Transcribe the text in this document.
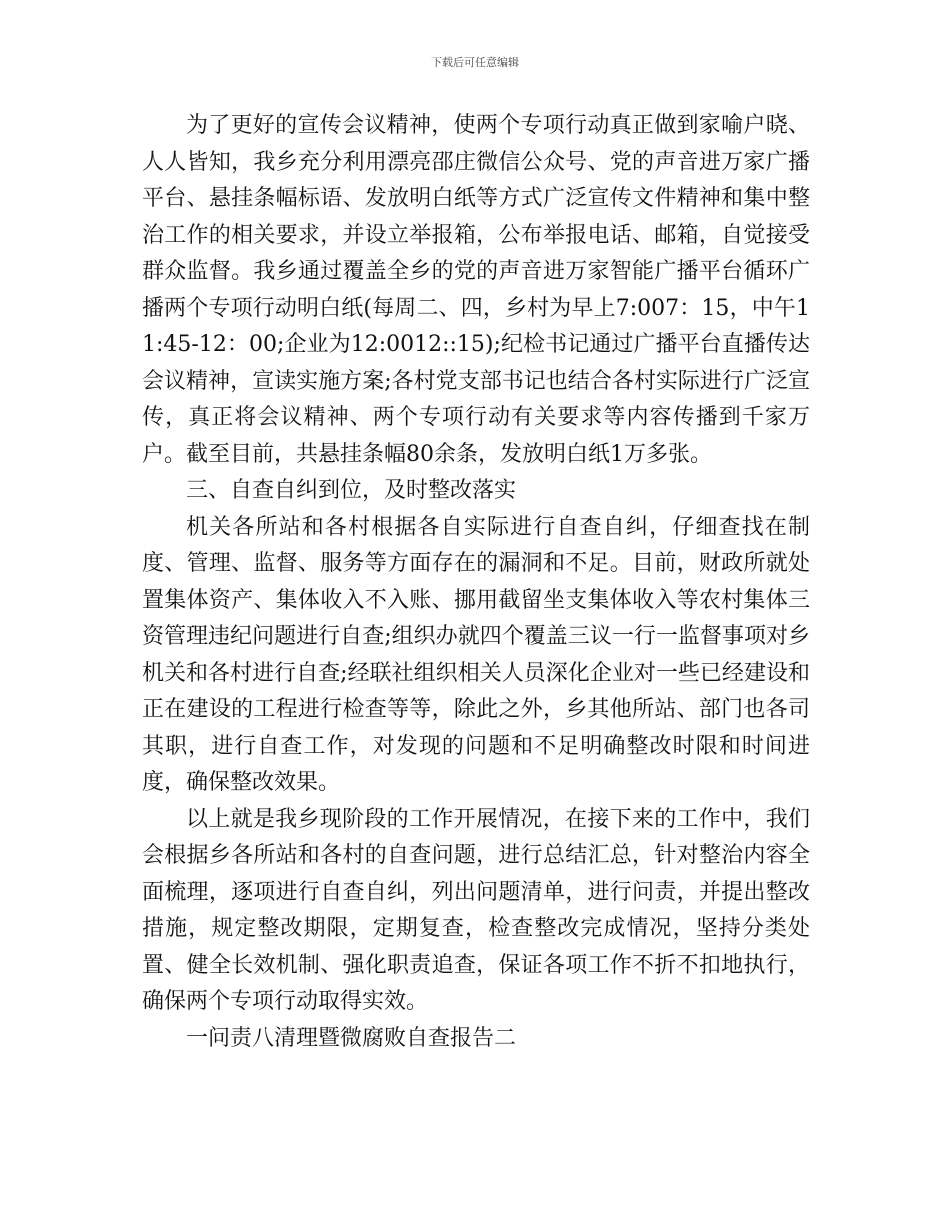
下载后可任意编辑

为了更好的宣传会议精神，使两个专项行动真正做到家喻户晓、人人皆知，我乡充分利用漂亮邵庄微信公众号、党的声音进万家广播平台、悬挂条幅标语、发放明白纸等方式广泛宣传文件精神和集中整治工作的相关要求，并设立举报箱，公布举报电话、邮箱，自觉接受群众监督。我乡通过覆盖全乡的党的声音进万家智能广播平台循环广播两个专项行动明白纸(每周二、四，乡村为早上7:007：15，中午11:45-12：00;企业为12:0012::15);纪检书记通过广播平台直播传达会议精神，宣读实施方案;各村党支部书记也结合各村实际进行广泛宣传，真正将会议精神、两个专项行动有关要求等内容传播到千家万户。截至目前，共悬挂条幅80余条，发放明白纸1万多张。

三、自查自纠到位，及时整改落实

机关各所站和各村根据各自实际进行自查自纠，仔细查找在制度、管理、监督、服务等方面存在的漏洞和不足。目前，财政所就处置集体资产、集体收入不入账、挪用截留坐支集体收入等农村集体三资管理违纪问题进行自查;组织办就四个覆盖三议一行一监督事项对乡机关和各村进行自查;经联社组织相关人员深化企业对一些已经建设和正在建设的工程进行检查等等，除此之外，乡其他所站、部门也各司其职，进行自查工作，对发现的问题和不足明确整改时限和时间进度，确保整改效果。

以上就是我乡现阶段的工作开展情况，在接下来的工作中，我们会根据乡各所站和各村的自查问题，进行总结汇总，针对整治内容全面梳理，逐项进行自查自纠，列出问题清单，进行问责，并提出整改措施，规定整改期限，定期复查，检查整改完成情况，坚持分类处置、健全长效机制、强化职责追查，保证各项工作不折不扣地执行，确保两个专项行动取得实效。

一问责八清理暨微腐败自查报告二
